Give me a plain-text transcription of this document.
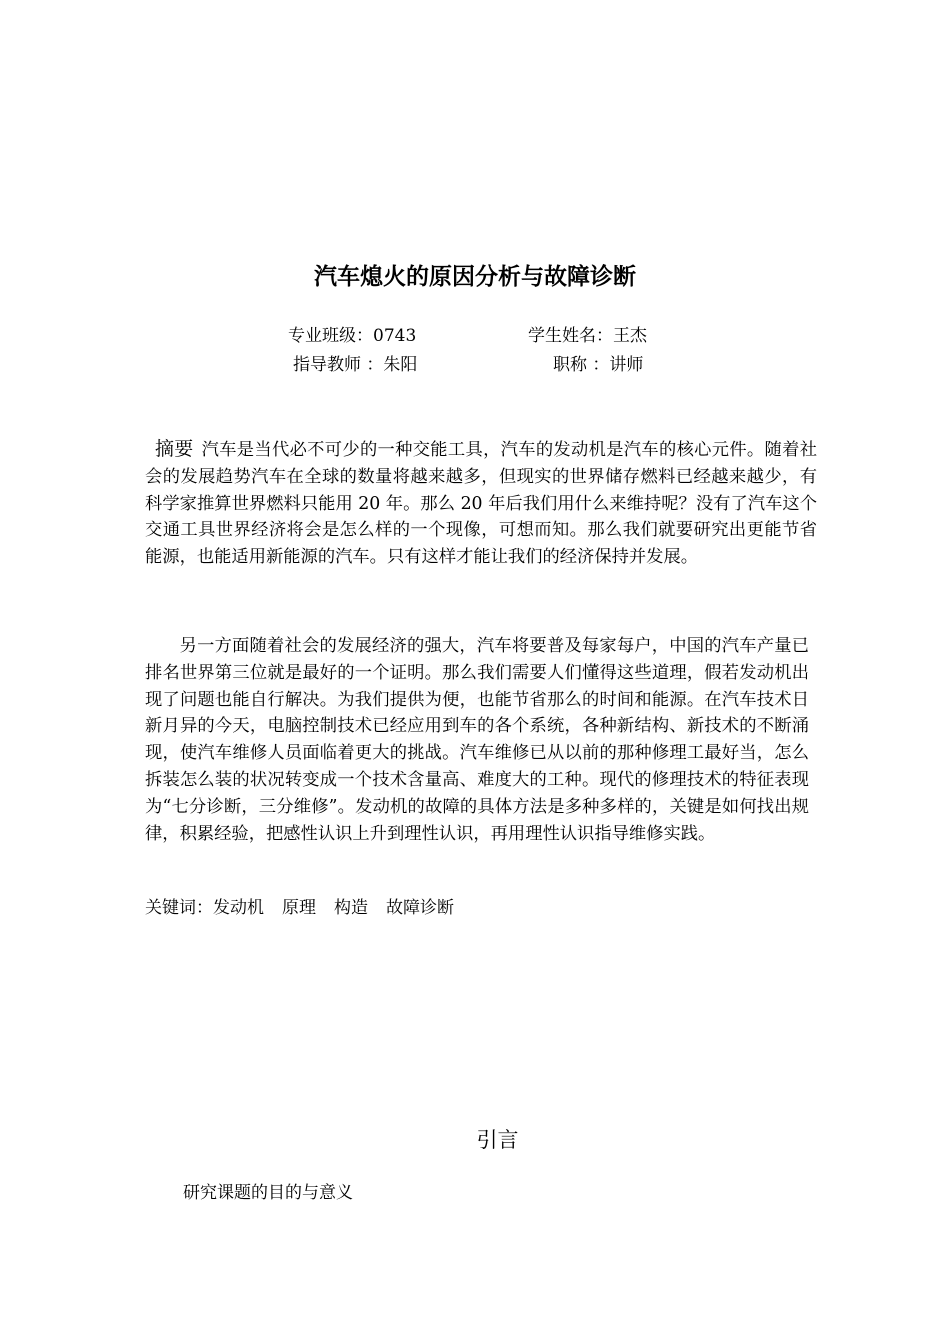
汽车熄火的原因分析与故障诊断
专业班级：0743	学生姓名：王杰
指导教师 ：朱阳	职称 ：讲师

摘要 汽车是当代必不可少的一种交能工具，汽车的发动机是汽车的核心元件。随着社会的发展趋势汽车在全球的数量将越来越多，但现实的世界储存燃料已经越来越少，有科学家推算世界燃料只能用 20 年。那么 20 年后我们用什么来维持呢？没有了汽车这个交通工具世界经济将会是怎么样的一个现像，可想而知。那么我们就要研究出更能节省能源，也能适用新能源的汽车。只有这样才能让我们的经济保持并发展。

另一方面随着社会的发展经济的强大，汽车将要普及每家每户，中国的汽车产量已排名世界第三位就是最好的一个证明。那么我们需要人们懂得这些道理，假若发动机出现了问题也能自行解决。为我们提供为便，也能节省那么的时间和能源。在汽车技术日新月异的今天，电脑控制技术已经应用到车的各个系统，各种新结构、新技术的不断涌现，使汽车维修人员面临着更大的挑战。汽车维修已从以前的那种修理工最好当，怎么拆装怎么装的状况转变成一个技术含量高、难度大的工种。现代的修理技术的特征表现为“七分诊断，三分维修”。发动机的故障的具体方法是多种多样的，关键是如何找出规律，积累经验，把感性认识上升到理性认识，再用理性认识指导维修实践。

关键词：发动机 原理 构造 故障诊断
引言
研究课题的目的与意义
